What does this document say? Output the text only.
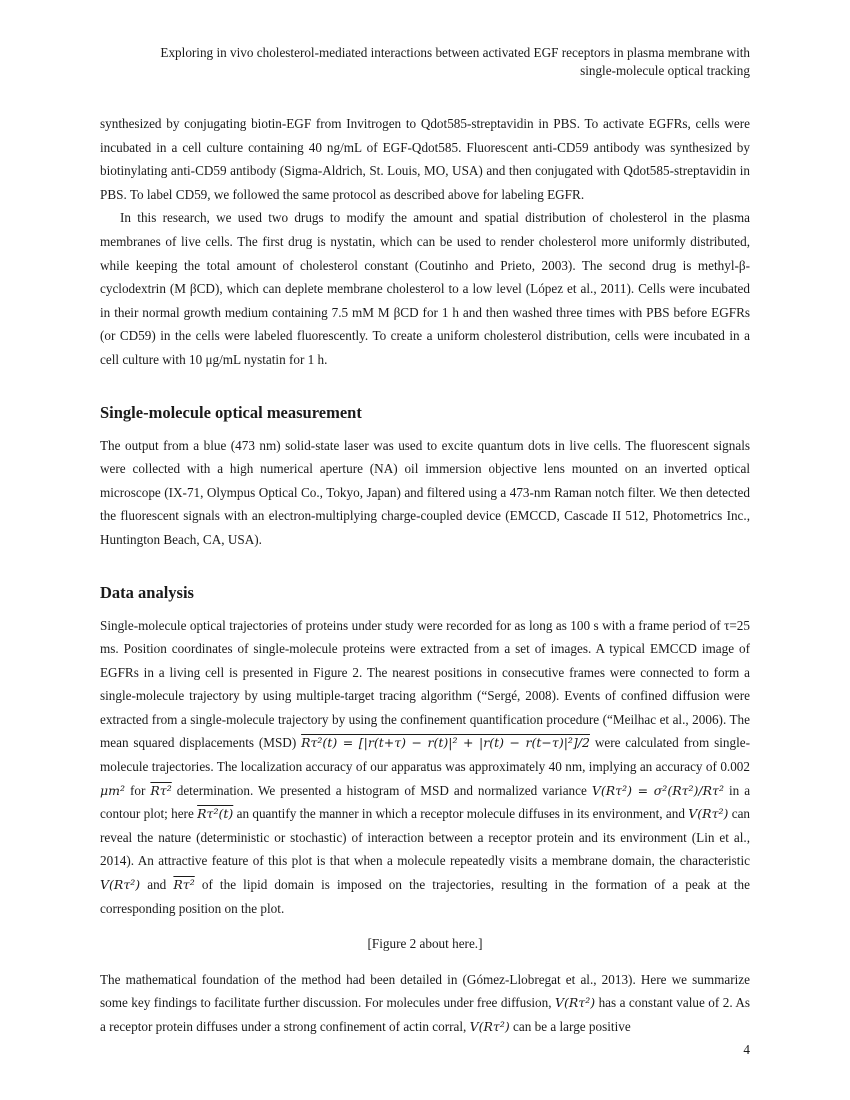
Exploring in vivo cholesterol-mediated interactions between activated EGF receptors in plasma membrane with
single-molecule optical tracking

synthesized by conjugating biotin-EGF from Invitrogen to Qdot585-streptavidin in PBS. To activate EGFRs, cells were incubated in a cell culture containing 40 ng/mL of EGF-Qdot585. Fluorescent anti-CD59 antibody was synthesized by biotinylating anti-CD59 antibody (Sigma-Aldrich, St. Louis, MO, USA) and then conjugated with Qdot585-streptavidin in PBS. To label CD59, we followed the same protocol as described above for labeling EGFR.

In this research, we used two drugs to modify the amount and spatial distribution of cholesterol in the plasma membranes of live cells. The first drug is nystatin, which can be used to render cholesterol more uniformly distributed, while keeping the total amount of cholesterol constant (Coutinho and Prieto, 2003). The second drug is methyl-β-cyclodextrin (M βCD), which can deplete membrane cholesterol to a low level (López et al., 2011). Cells were incubated in their normal growth medium containing 7.5 mM M βCD for 1 h and then washed three times with PBS before EGFRs (or CD59) in the cells were labeled fluorescently. To create a uniform cholesterol distribution, cells were incubated in a cell culture with 10 μg/mL nystatin for 1 h.

Single-molecule optical measurement

The output from a blue (473 nm) solid-state laser was used to excite quantum dots in live cells. The fluorescent signals were collected with a high numerical aperture (NA) oil immersion objective lens mounted on an inverted optical microscope (IX-71, Olympus Optical Co., Tokyo, Japan) and filtered using a 473-nm Raman notch filter. We then detected the fluorescent signals with an electron-multiplying charge-coupled device (EMCCD, Cascade II 512, Photometrics Inc., Huntington Beach, CA, USA).

Data analysis

Single-molecule optical trajectories of proteins under study were recorded for as long as 100 s with a frame period of τ=25 ms. Position coordinates of single-molecule proteins were extracted from a set of images. A typical EMCCD image of EGFRs in a living cell is presented in Figure 2. The nearest positions in consecutive frames were connected to form a single-molecule trajectory by using multiple-target tracing algorithm (“Sergé, 2008). Events of confined diffusion were extracted from a single-molecule trajectory by using the confinement quantification procedure (“Meilhac et al., 2006). The mean squared displacements (MSD) Rτ²(t) = [|r(t+τ) − r(t)|² + |r(t) − r(t−τ)|²]/2 were calculated from single-molecule trajectories. The localization accuracy of our apparatus was approximately 40 nm, implying an accuracy of 0.002 μm² for Rτ² determination. We presented a histogram of MSD and normalized variance V(Rτ²) = σ²(Rτ²)/Rτ² in a contour plot; here Rτ²(t) an quantify the manner in which a receptor molecule diffuses in its environment, and V(Rτ²) can reveal the nature (deterministic or stochastic) of interaction between a receptor protein and its environment (Lin et al., 2014). An attractive feature of this plot is that when a molecule repeatedly visits a membrane domain, the characteristic V(Rτ²) and Rτ² of the lipid domain is imposed on the trajectories, resulting in the formation of a peak at the corresponding position on the plot.

[Figure 2 about here.]

The mathematical foundation of the method had been detailed in (Gómez-Llobregat et al., 2013). Here we summarize some key findings to facilitate further discussion. For molecules under free diffusion, V(Rτ²) has a constant value of 2. As a receptor protein diffuses under a strong confinement of actin corral, V(Rτ²) can be a large positive

4
